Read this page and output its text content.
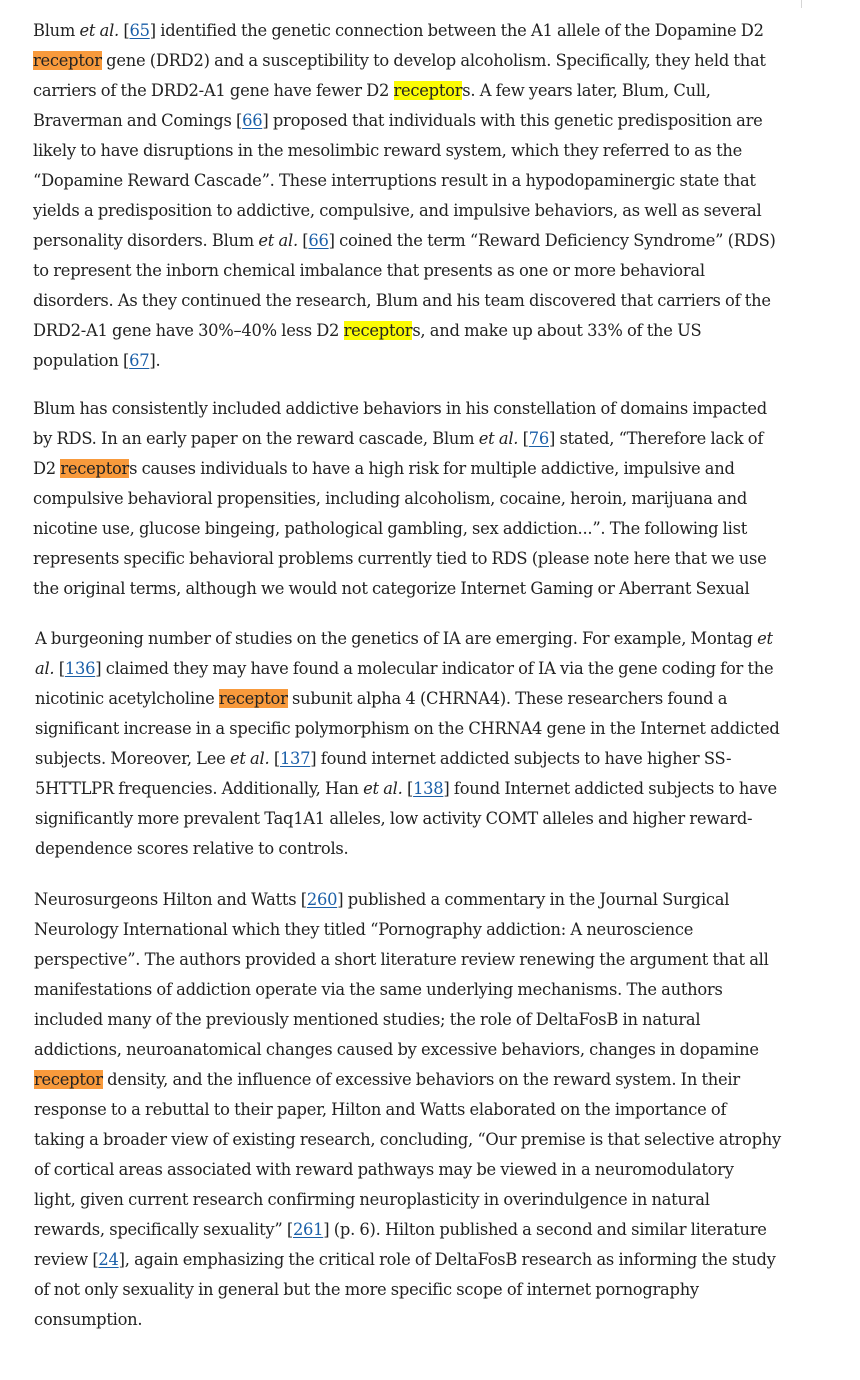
Blum et al. [65] identified the genetic connection between the A1 allele of the Dopamine D2
receptor gene (DRD2) and a susceptibility to develop alcoholism. Specifically, they held that
carriers of the DRD2-A1 gene have fewer D2 receptors. A few years later, Blum, Cull,
Braverman and Comings [66] proposed that individuals with this genetic predisposition are
likely to have disruptions in the mesolimbic reward system, which they referred to as the
“Dopamine Reward Cascade”. These interruptions result in a hypodopaminergic state that
yields a predisposition to addictive, compulsive, and impulsive behaviors, as well as several
personality disorders. Blum et al. [66] coined the term “Reward Deficiency Syndrome” (RDS)
to represent the inborn chemical imbalance that presents as one or more behavioral
disorders. As they continued the research, Blum and his team discovered that carriers of the
DRD2-A1 gene have 30%–40% less D2 receptors, and make up about 33% of the US
population [67].

Blum has consistently included addictive behaviors in his constellation of domains impacted
by RDS. In an early paper on the reward cascade, Blum et al. [76] stated, “Therefore lack of
D2 receptors causes individuals to have a high risk for multiple addictive, impulsive and
compulsive behavioral propensities, including alcoholism, cocaine, heroin, marijuana and
nicotine use, glucose bingeing, pathological gambling, sex addiction...”. The following list
represents specific behavioral problems currently tied to RDS (please note here that we use
the original terms, although we would not categorize Internet Gaming or Aberrant Sexual

A burgeoning number of studies on the genetics of IA are emerging. For example, Montag et
al. [136] claimed they may have found a molecular indicator of IA via the gene coding for the
nicotinic acetylcholine receptor subunit alpha 4 (CHRNA4). These researchers found a
significant increase in a specific polymorphism on the CHRNA4 gene in the Internet addicted
subjects. Moreover, Lee et al. [137] found internet addicted subjects to have higher SS-
5HTTLPR frequencies. Additionally, Han et al. [138] found Internet addicted subjects to have
significantly more prevalent Taq1A1 alleles, low activity COMT alleles and higher reward-
dependence scores relative to controls.

Neurosurgeons Hilton and Watts [260] published a commentary in the Journal Surgical
Neurology International which they titled “Pornography addiction: A neuroscience
perspective”. The authors provided a short literature review renewing the argument that all
manifestations of addiction operate via the same underlying mechanisms. The authors
included many of the previously mentioned studies; the role of DeltaFosB in natural
addictions, neuroanatomical changes caused by excessive behaviors, changes in dopamine
receptor density, and the influence of excessive behaviors on the reward system. In their
response to a rebuttal to their paper, Hilton and Watts elaborated on the importance of
taking a broader view of existing research, concluding, “Our premise is that selective atrophy
of cortical areas associated with reward pathways may be viewed in a neuromodulatory
light, given current research confirming neuroplasticity in overindulgence in natural
rewards, specifically sexuality” [261] (p. 6). Hilton published a second and similar literature
review [24], again emphasizing the critical role of DeltaFosB research as informing the study
of not only sexuality in general but the more specific scope of internet pornography
consumption.
